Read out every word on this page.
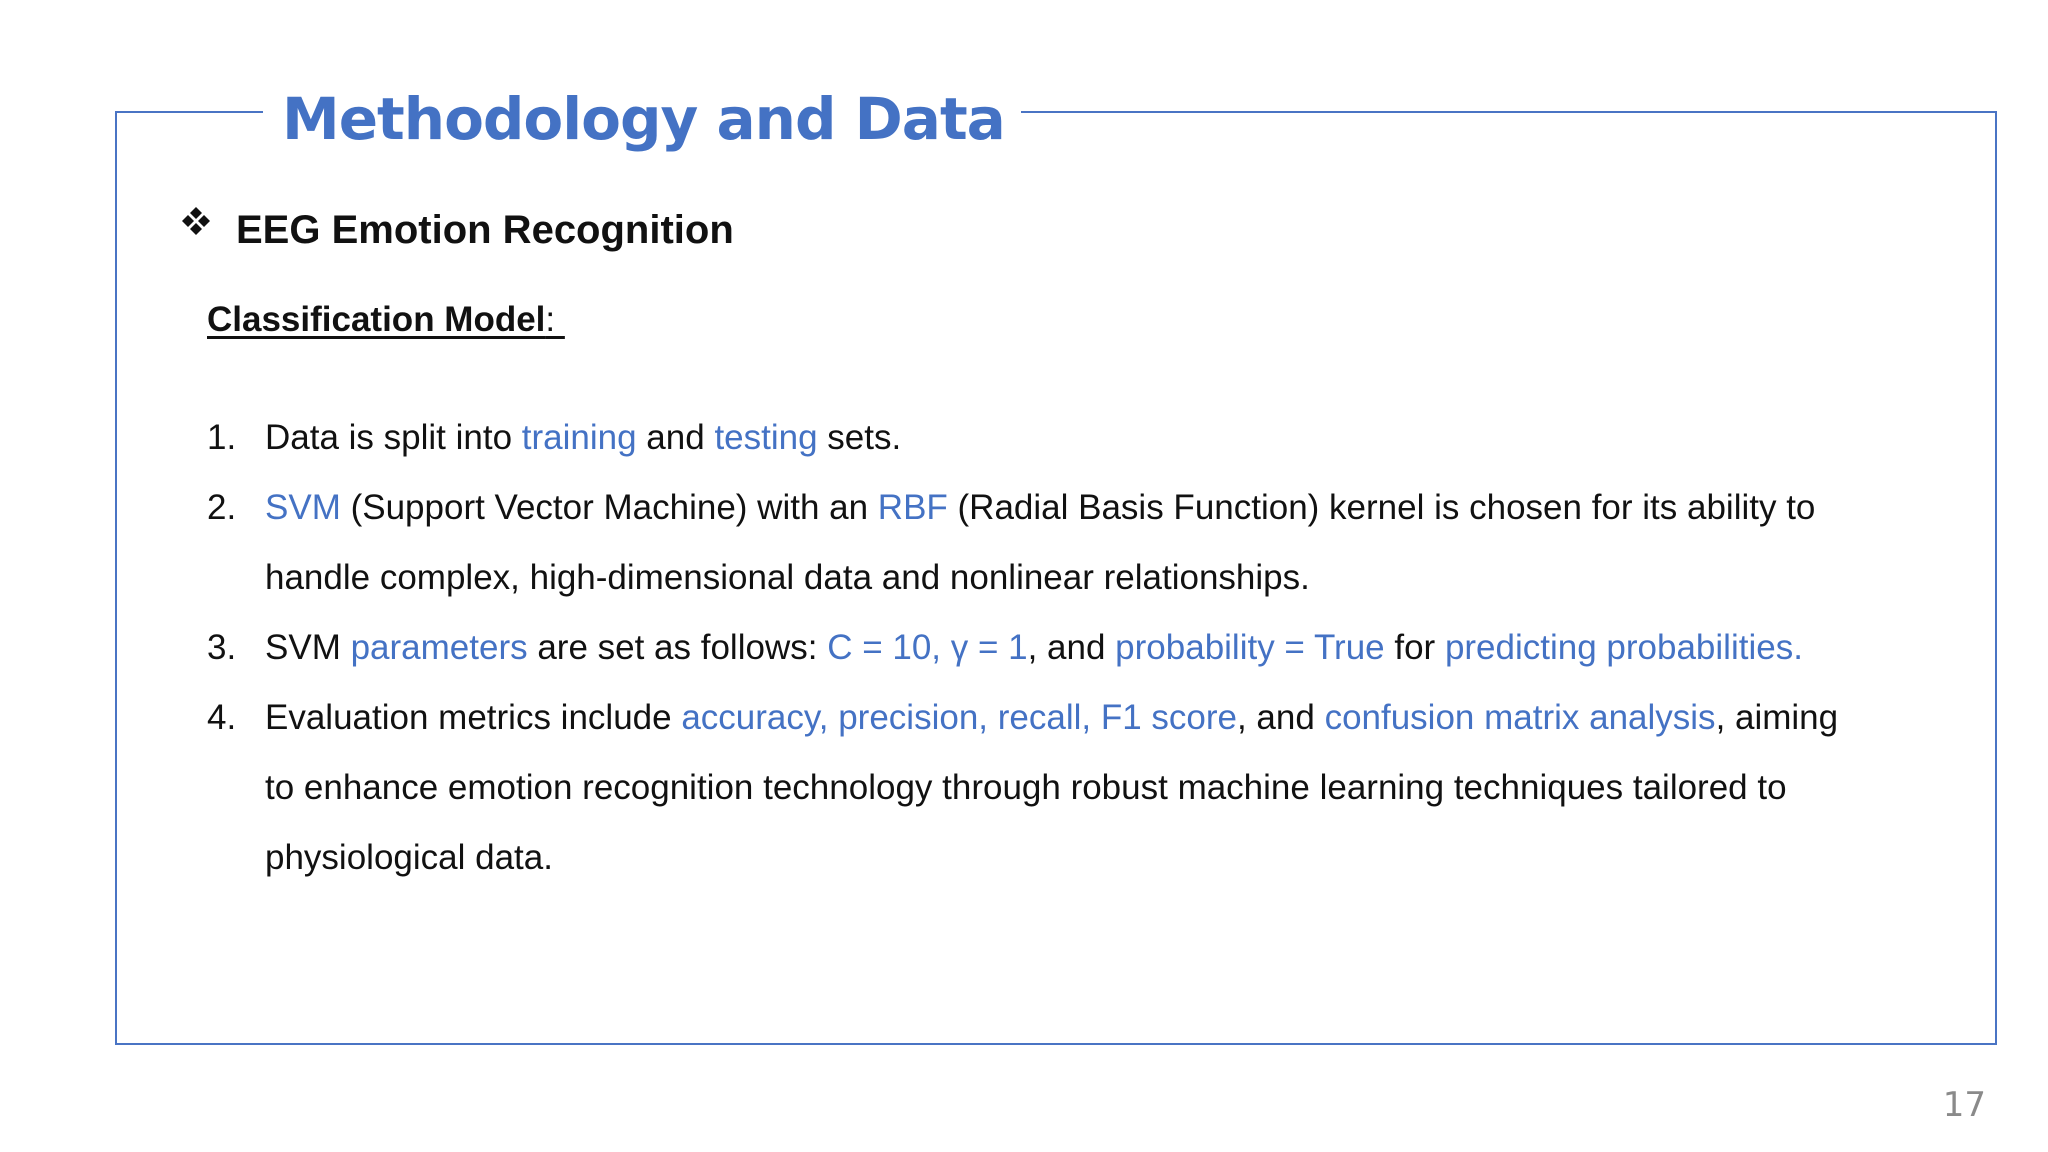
Methodology and Data
EEG Emotion Recognition
Classification Model:
1. Data is split into training and testing sets.
2. SVM (Support Vector Machine) with an RBF (Radial Basis Function) kernel is chosen for its ability to handle complex, high-dimensional data and nonlinear relationships.
3. SVM parameters are set as follows: C = 10, γ = 1, and probability = True for predicting probabilities.
4. Evaluation metrics include accuracy, precision, recall, F1 score, and confusion matrix analysis, aiming to enhance emotion recognition technology through robust machine learning techniques tailored to physiological data.
17
